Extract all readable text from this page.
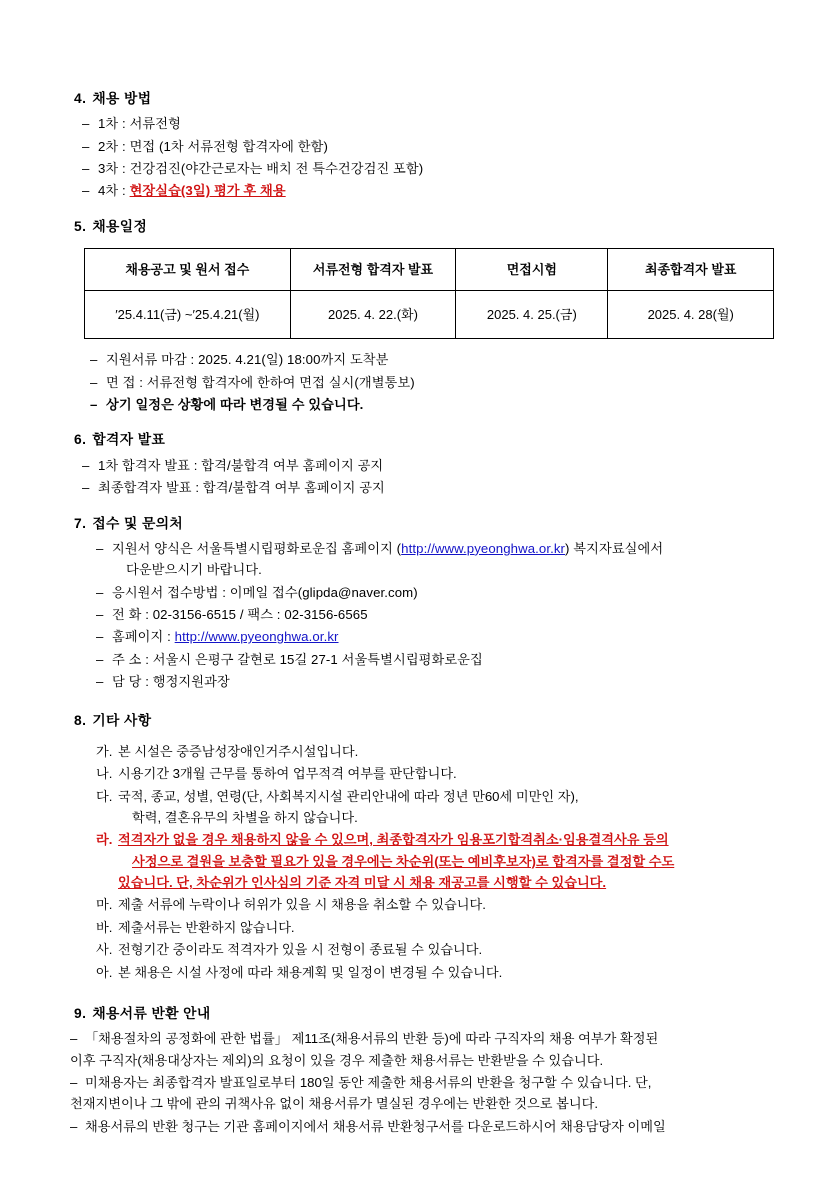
4. 채용 방법
– 1차 : 서류전형
– 2차 : 면접 (1차 서류전형 합격자에 한함)
– 3차 : 건강검진(야간근로자는 배치 전 특수건강검진 포함)
– 4차 : 현장실습(3일) 평가 후 채용
5. 채용일정
채용공고 및 원서 접수	서류전형 합격자 발표	면접시험	최종합격자 발표
′25.4.11(금) ~′25.4.21(월)	2025. 4. 22.(화)	2025. 4. 25.(금)	2025. 4. 28(월)
– 지원서류 마감 : 2025. 4.21(일) 18:00까지 도착분
– 면 접 : 서류전형 합격자에 한하여 면접 실시(개별통보)
– 상기 일정은 상황에 따라 변경될 수 있습니다.
6. 합격자 발표
– 1차 합격자 발표 : 합격/불합격 여부 홈페이지 공지
– 최종합격자 발표 : 합격/불합격 여부 홈페이지 공지
7. 접수 및 문의처
– 지원서 양식은 서울특별시립평화로운집 홈페이지 (http://www.pyeonghwa.or.kr) 복지자료실에서
다운받으시기 바랍니다.
– 응시원서 접수방법 : 이메일 접수(glipda@naver.com)
– 전 화 : 02-3156-6515 / 팩스 : 02-3156-6565
– 홈페이지 : http://www.pyeonghwa.or.kr
– 주 소 : 서울시 은평구 갈현로 15길 27-1 서울특별시립평화로운집
– 담 당 : 행정지원과장
8. 기타 사항
가. 본 시설은 중증남성장애인거주시설입니다.
나. 시용기간 3개월 근무를 통하여 업무적격 여부를 판단합니다.
다. 국적, 종교, 성별, 연령(단, 사회복지시설 관리안내에 따라 정년 만60세 미만인 자),
학력, 결혼유무의 차별을 하지 않습니다.
라. 적격자가 없을 경우 채용하지 않을 수 있으며, 최종합격자가 임용포기합격취소·임용결격사유 등의
사정으로 결원을 보충할 필요가 있을 경우에는 차순위(또는 예비후보자)로 합격자를 결정할 수도
있습니다. 단, 차순위가 인사심의 기준 자격 미달 시 채용 재공고를 시행할 수 있습니다.
마. 제출 서류에 누락이나 허위가 있을 시 채용을 취소할 수 있습니다.
바. 제출서류는 반환하지 않습니다.
사. 전형기간 중이라도 적격자가 있을 시 전형이 종료될 수 있습니다.
아. 본 채용은 시설 사정에 따라 채용계획 및 일정이 변경될 수 있습니다.
9. 채용서류 반환 안내
– 「채용절차의 공정화에 관한 법률」 제11조(채용서류의 반환 등)에 따라 구직자의 채용 여부가 확정된
이후 구직자(채용대상자는 제외)의 요청이 있을 경우 제출한 채용서류는 반환받을 수 있습니다.
– 미채용자는 최종합격자 발표일로부터 180일 동안 제출한 채용서류의 반환을 청구할 수 있습니다. 단,
천재지변이나 그 밖에 관의 귀책사유 없이 채용서류가 멸실된 경우에는 반환한 것으로 봅니다.
– 채용서류의 반환 청구는 기관 홈페이지에서 채용서류 반환청구서를 다운로드하시어 채용담당자 이메일
